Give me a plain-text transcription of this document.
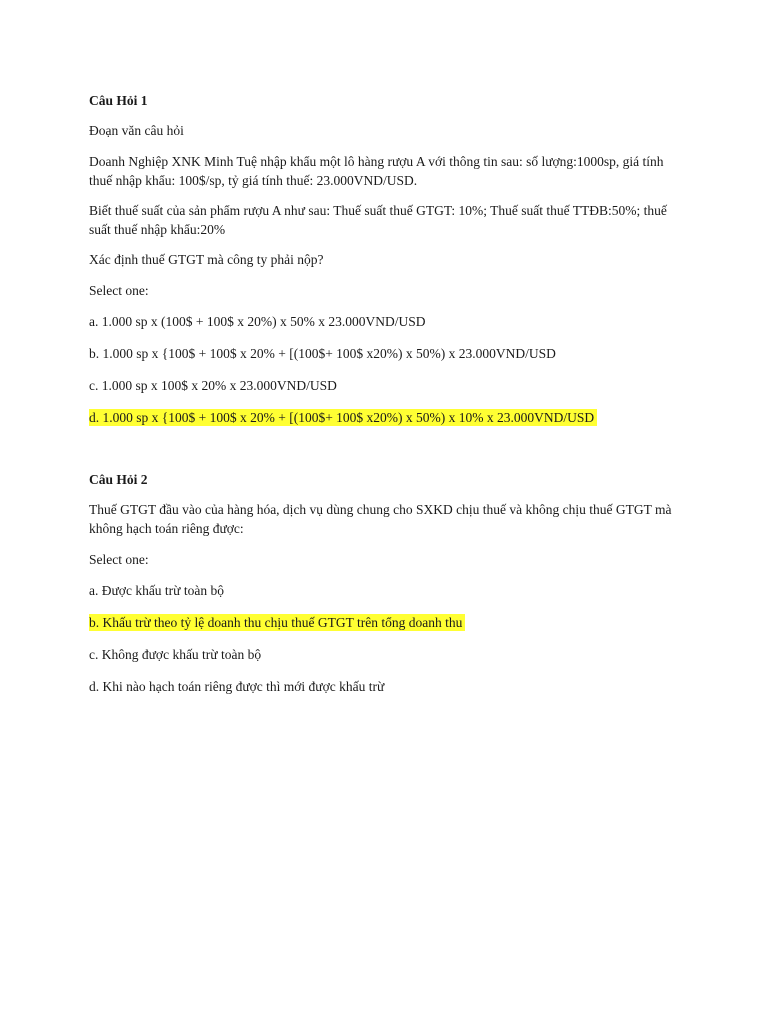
Câu Hỏi 1
Đoạn văn câu hỏi
Doanh Nghiệp XNK Minh Tuệ nhập khẩu một lô hàng rượu A với thông tin sau: số lượng:1000sp, giá tính thuế nhập khẩu: 100$/sp, tỷ giá tính thuế: 23.000VND/USD.
Biết thuế suất của sản phẩm rượu A như sau: Thuế suất thuế GTGT: 10%; Thuế suất thuế TTĐB:50%; thuế suất thuế nhập khẩu:20%
Xác định thuế GTGT mà công ty phải nộp?
Select one:
a. 1.000 sp x (100$ + 100$ x 20%) x 50% x 23.000VND/USD
b. 1.000 sp x {100$ + 100$ x 20% + [(100$+ 100$ x20%) x 50%) x 23.000VND/USD
c. 1.000 sp x 100$ x 20% x 23.000VND/USD
d. 1.000 sp x {100$ + 100$ x 20% + [(100$+ 100$ x20%) x 50%) x 10% x 23.000VND/USD
Câu Hỏi 2
Thuế GTGT đầu vào của hàng hóa, dịch vụ dùng chung cho SXKD chịu thuế và không chịu thuế GTGT mà không hạch toán riêng được:
Select one:
a. Được khấu trừ toàn bộ
b. Khấu trừ theo tỷ lệ doanh thu chịu thuế GTGT trên tổng doanh thu
c. Không được khấu trừ toàn bộ
d. Khi nào hạch toán riêng được thì mới được khấu trừ
